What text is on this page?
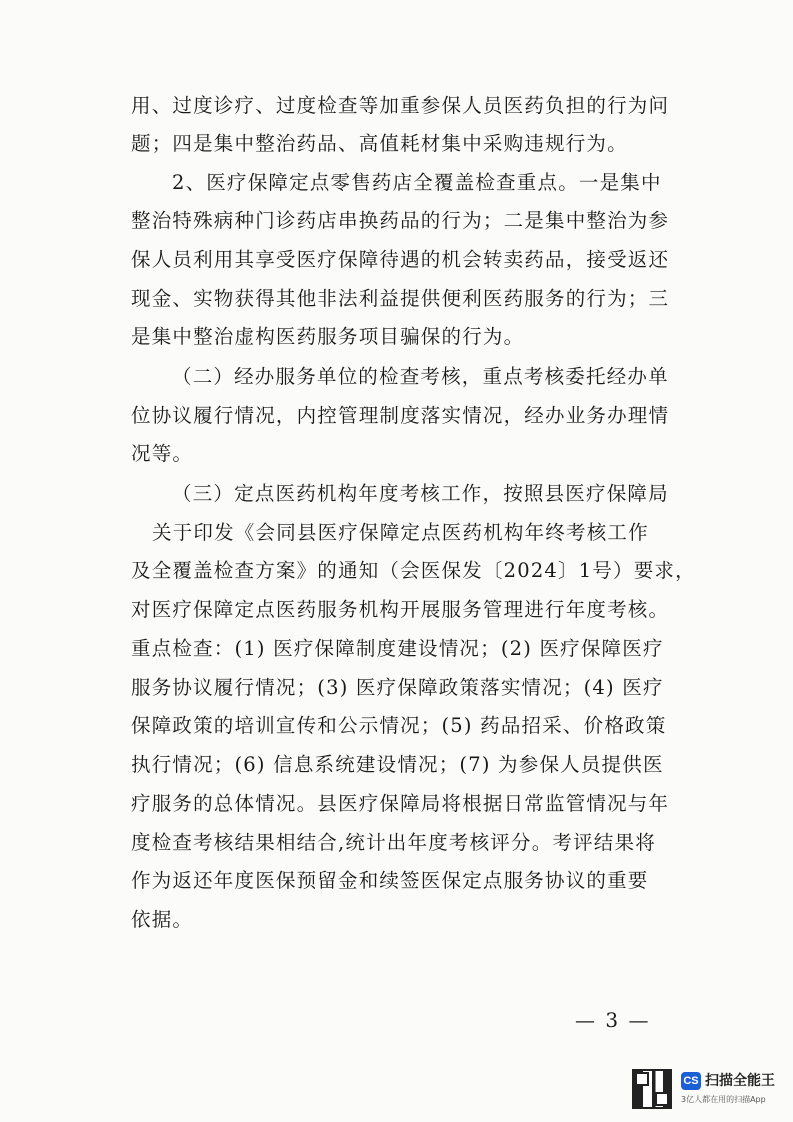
用、过度诊疗、过度检查等加重参保人员医药负担的行为问
题；四是集中整治药品、高值耗材集中采购违规行为。
2、医疗保障定点零售药店全覆盖检查重点。一是集中
整治特殊病种门诊药店串换药品的行为；二是集中整治为参
保人员利用其享受医疗保障待遇的机会转卖药品，接受返还
现金、实物获得其他非法利益提供便利医药服务的行为；三
是集中整治虚构医药服务项目骗保的行为。
（二）经办服务单位的检查考核，重点考核委托经办单
位协议履行情况，内控管理制度落实情况，经办业务办理情
况等。
（三）定点医药机构年度考核工作，按照县医疗保障局
关于印发《会同县医疗保障定点医药机构年终考核工作
及全覆盖检查方案》的通知（会医保发〔2024〕1号）要求，
对医疗保障定点医药服务机构开展服务管理进行年度考核。
重点检查：(1) 医疗保障制度建设情况；(2) 医疗保障医疗
服务协议履行情况；(3) 医疗保障政策落实情况；(4) 医疗
保障政策的培训宣传和公示情况；(5) 药品招采、价格政策
执行情况；(6) 信息系统建设情况；(7) 为参保人员提供医
疗服务的总体情况。县医疗保障局将根据日常监管情况与年
度检查考核结果相结合,统计出年度考核评分。考评结果将
作为返还年度医保预留金和续签医保定点服务协议的重要
依据。
— 3 —
CS 扫描全能王
3亿人都在用的扫描App
